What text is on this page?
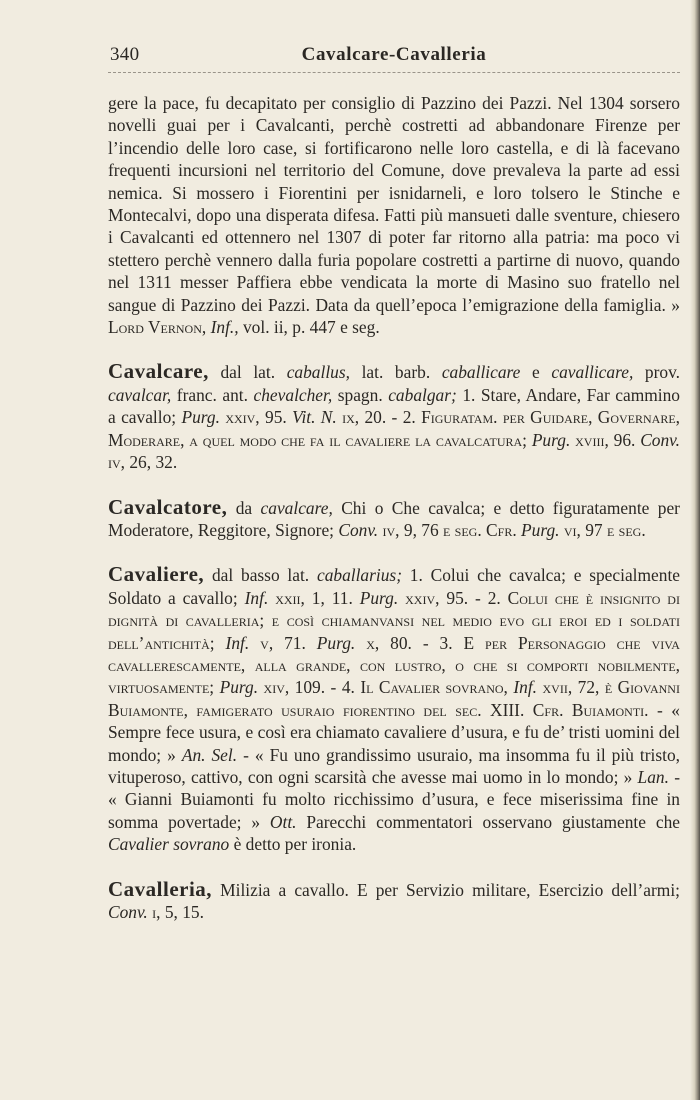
340	Cavalcare-Cavalleria

gere la pace, fu decapitato per consiglio di Pazzino dei Pazzi. Nel 1304 sorsero novelli guai per i Cavalcanti, perchè costretti ad abbandonare Firenze per l’incendio delle loro case, si fortificarono nelle loro castella, e di là facevano frequenti incursioni nel territorio del Comune, dove prevaleva la parte ad essi nemica. Si mossero i Fiorentini per isnidarneli, e loro tolsero le Stinche e Montecalvi, dopo una disperata difesa. Fatti più mansueti dalle sventure, chiesero i Cavalcanti ed ottennero nel 1307 di poter far ritorno alla patria: ma poco vi stettero perchè vennero dalla furia popolare costretti a partirne di nuovo, quando nel 1311 messer Paffiera ebbe vendicata la morte di Masino suo fratello nel sangue di Pazzino dei Pazzi. Data da quell’epoca l’emigrazione della famiglia. » Lord Vernon, Inf., vol. ii, p. 447 e seg.

Cavalcare, dal lat. caballus, lat. barb. caballicare e cavallicare, prov. cavalcar, franc. ant. chevalcher, spagn. cabalgar; 1. Stare, Andare, Far cammino a cavallo; Purg. xxiv, 95. Vit. N. ix, 20. - 2. Figuratam. per Guidare, Governare, Moderare, a quel modo che fa il cavaliere la cavalcatura; Purg. xviii, 96. Conv. iv, 26, 32.

Cavalcatore, da cavalcare, Chi o Che cavalca; e detto figuratamente per Moderatore, Reggitore, Signore; Conv. iv, 9, 76 e seg. Cfr. Purg. vi, 97 e seg.

Cavaliere, dal basso lat. caballarius; 1. Colui che cavalca; e specialmente Soldato a cavallo; Inf. xxii, 1, 11. Purg. xxiv, 95. - 2. Colui che è insignito di dignità di cavalleria; e così chiamanvansi nel medio evo gli eroi ed i soldati dell’antichità; Inf. v, 71. Purg. x, 80. - 3. E per Personaggio che viva cavallerescamente, alla grande, con lustro, o che si comporti nobilmente, virtuosamente; Purg. xiv, 109. - 4. Il Cavalier sovrano, Inf. xvii, 72, è Giovanni Buiamonte, famigerato usuraio fiorentino del sec. XIII. Cfr. Buiamonti. - « Sempre fece usura, e così era chiamato cavaliere d’usura, e fu de’ tristi uomini del mondo; » An. Sel. - « Fu uno grandissimo usuraio, ma insomma fu il più tristo, vituperoso, cattivo, con ogni scarsità che avesse mai uomo in lo mondo; » Lan. - « Gianni Buiamonti fu molto ricchissimo d’usura, e fece miserissima fine in somma povertade; » Ott. Parecchi commentatori osservano giustamente che Cavalier sovrano è detto per ironia.

Cavalleria, Milizia a cavallo. E per Servizio militare, Esercizio dell’armi; Conv. i, 5, 15.
